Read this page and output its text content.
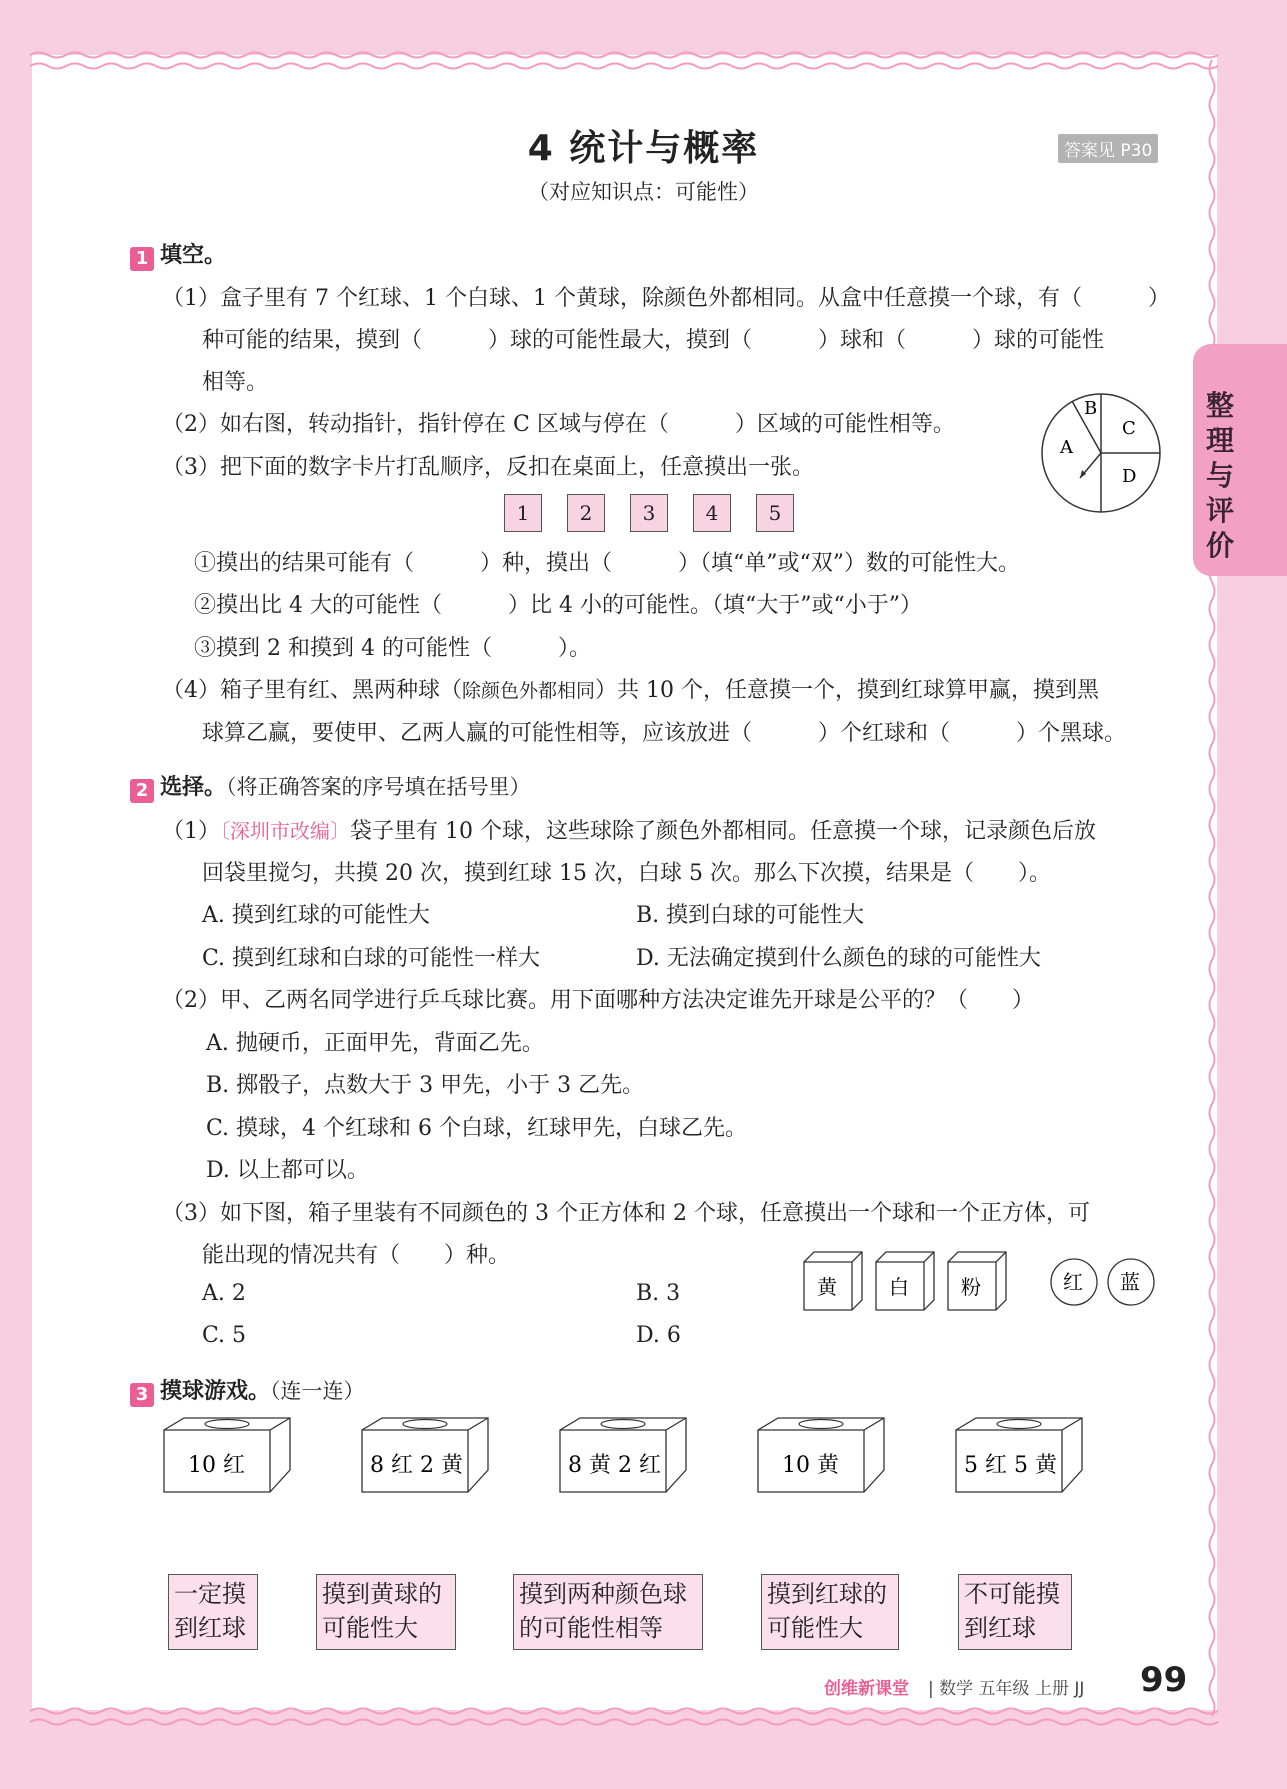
4 统计与概率	答案见 P30
（对应知识点：可能性）
整理与评价
1 填空。
（1）盒子里有 7 个红球、1 个白球、1 个黄球，除颜色外都相同。从盒中任意摸一个球，有（　　　）
种可能的结果，摸到（　　　）球的可能性最大，摸到（　　　）球和（　　　）球的可能性
相等。
（2）如右图，转动指针，指针停在 C 区域与停在（　　　）区域的可能性相等。
（3）把下面的数字卡片打乱顺序，反扣在桌面上，任意摸出一张。
A
B
C
D
1	2	3	4	5
①摸出的结果可能有（　　　）种，摸出（　　　）（填“单”或“双”）数的可能性大。
②摸出比 4 大的可能性（　　　）比 4 小的可能性。（填“大于”或“小于”）
③摸到 2 和摸到 4 的可能性（　　　）。
（4）箱子里有红、黑两种球（除颜色外都相同）共 10 个，任意摸一个，摸到红球算甲赢，摸到黑
球算乙赢，要使甲、乙两人赢的可能性相等，应该放进（　　　）个红球和（　　　）个黑球。
2 选择。（将正确答案的序号填在括号里）
（1）〔深圳市改编〕袋子里有 10 个球，这些球除了颜色外都相同。任意摸一个球，记录颜色后放
回袋里搅匀，共摸 20 次，摸到红球 15 次，白球 5 次。那么下次摸，结果是（　　）。
A. 摸到红球的可能性大	B. 摸到白球的可能性大
C. 摸到红球和白球的可能性一样大	D. 无法确定摸到什么颜色的球的可能性大
（2）甲、乙两名同学进行乒乓球比赛。用下面哪种方法决定谁先开球是公平的？（　　）
A. 抛硬币，正面甲先，背面乙先。
B. 掷骰子，点数大于 3 甲先，小于 3 乙先。
C. 摸球，4 个红球和 6 个白球，红球甲先，白球乙先。
D. 以上都可以。
（3）如下图，箱子里装有不同颜色的 3 个正方体和 2 个球，任意摸出一个球和一个正方体，可
能出现的情况共有（　　）种。
A. 2	B. 3
C. 5	D. 6
黄	白	粉	红 蓝
3 摸球游戏。（连一连）
10 红	8 红 2 黄	8 黄 2 红	10 黄	5 红 5 黄
一定摸
到红球
摸到黄球的
可能性大
摸到两种颜色球
的可能性相等
摸到红球的
可能性大
不可能摸
到红球
创维新课堂 | 数学 五年级 上册 JJ 99
